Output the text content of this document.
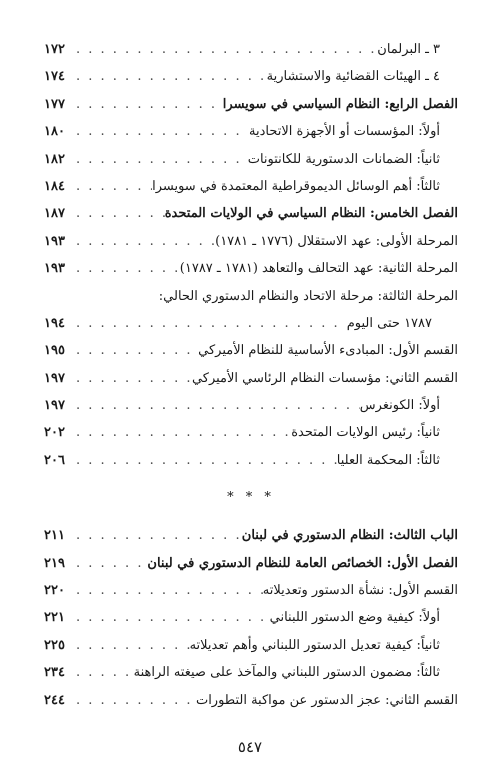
٣ ـ البرلمان
. . .
١٧٢
٤ ـ الهيئات القضائية والاستشارية
. . .
١٧٤
الفصل الرابع: النظام السياسي في سويسرا
. . .
١٧٧
أولاً: المؤسسات أو الأجهزة الاتحادية
. . .
١٨٠
ثانياً: الضمانات الدستورية للكانتونات
. . .
١٨٢
ثالثاً: أهم الوسائل الديموقراطية المعتمدة في سويسرا
. . .
١٨٤
الفصل الخامس: النظام السياسي في الولايات المتحدة
. . .
١٨٧
المرحلة الأولى: عهد الاستقلال (١٧٧٦ ـ ١٧٨١)
. . .
١٩٣
المرحلة الثانية: عهد التحالف والتعاهد (١٧٨١ ـ ١٧٨٧)
. . .
١٩٣
المرحلة الثالثة: مرحلة الاتحاد والنظام الدستوري الحالي:
١٧٨٧ حتى اليوم
. . .
١٩٤
القسم الأول: المبادىء الأساسية للنظام الأميركي
. . .
١٩٥
القسم الثاني: مؤسسات النظام الرئاسي الأميركي
. . .
١٩٧
أولاً: الكونغرس
. . .
١٩٧
ثانياً: رئيس الولايات المتحدة
. . .
٢٠٢
ثالثاً: المحكمة العليا
. . .
٢٠٦
* * *
الباب الثالث: النظام الدستوري في لبنان
. . .
٢١١
الفصل الأول: الخصائص العامة للنظام الدستوري في لبنان
. . .
٢١٩
القسم الأول: نشأة الدستور وتعديلاته
. . .
٢٢٠
أولاً: كيفية وضع الدستور اللبناني
. . .
٢٢١
ثانياً: كيفية تعديل الدستور اللبناني وأهم تعديلاته
. . .
٢٢٥
ثالثاً: مضمون الدستور اللبناني والمآخذ على صيغته الراهنة
. . .
٢٣٤
القسم الثاني: عجز الدستور عن مواكبة التطورات
. . .
٢٤٤
٥٤٧
